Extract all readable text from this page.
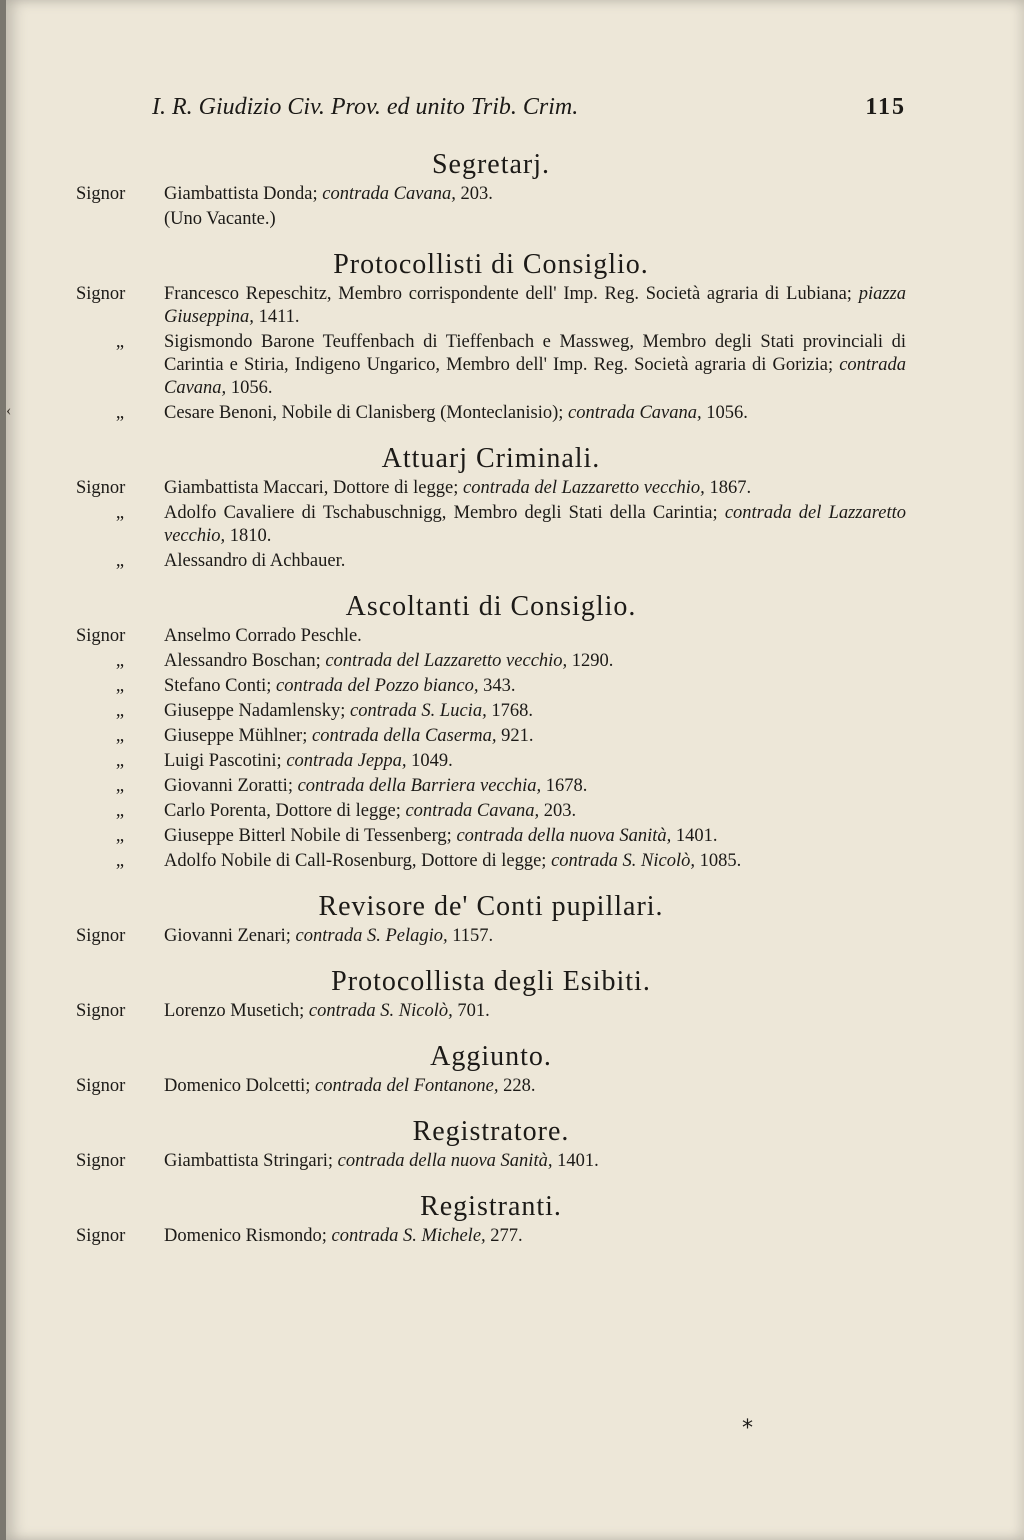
I. R. Giudizio Civ. Prov. ed unito Trib. Crim.	115
Segretarj.
Signor	Giambattista Donda; contrada Cavana, 203.
(Uno Vacante.)
Protocollisti di Consiglio.
Signor	Francesco Repeschitz, Membro corrispondente dell' Imp. Reg. Società agraria di Lubiana; piazza Giuseppina, 1411.
„	Sigismondo Barone Teuffenbach di Tieffenbach e Massweg, Membro degli Stati provinciali di Carintia e Stiria, Indigeno Ungarico, Membro dell' Imp. Reg. Società agraria di Gorizia; contrada Cavana, 1056.
„	Cesare Benoni, Nobile di Clanisberg (Monteclanisio); contrada Cavana, 1056.
Attuarj Criminali.
Signor	Giambattista Maccari, Dottore di legge; contrada del Lazzaretto vecchio, 1867.
„	Adolfo Cavaliere di Tschabuschnigg, Membro degli Stati della Carintia; contrada del Lazzaretto vecchio, 1810.
„	Alessandro di Achbauer.
Ascoltanti di Consiglio.
Signor	Anselmo Corrado Peschle.
„	Alessandro Boschan; contrada del Lazzaretto vecchio, 1290.
„	Stefano Conti; contrada del Pozzo bianco, 343.
„	Giuseppe Nadamlensky; contrada S. Lucia, 1768.
„	Giuseppe Mühlner; contrada della Caserma, 921.
„	Luigi Pascotini; contrada Jeppa, 1049.
„	Giovanni Zoratti; contrada della Barriera vecchia, 1678.
„	Carlo Porenta, Dottore di legge; contrada Cavana, 203.
„	Giuseppe Bitterl Nobile di Tessenberg; contrada della nuova Sanità, 1401.
„	Adolfo Nobile di Call-Rosenburg, Dottore di legge; contrada S. Nicolò, 1085.
Revisore de' Conti pupillari.
Signor	Giovanni Zenari; contrada S. Pelagio, 1157.
Protocollista degli Esibiti.
Signor	Lorenzo Musetich; contrada S. Nicolò, 701.
Aggiunto.
Signor	Domenico Dolcetti; contrada del Fontanone, 228.
Registratore.
Signor	Giambattista Stringari; contrada della nuova Sanità, 1401.
Registranti.
Signor	Domenico Rismondo; contrada S. Michele, 277.
*
‹
